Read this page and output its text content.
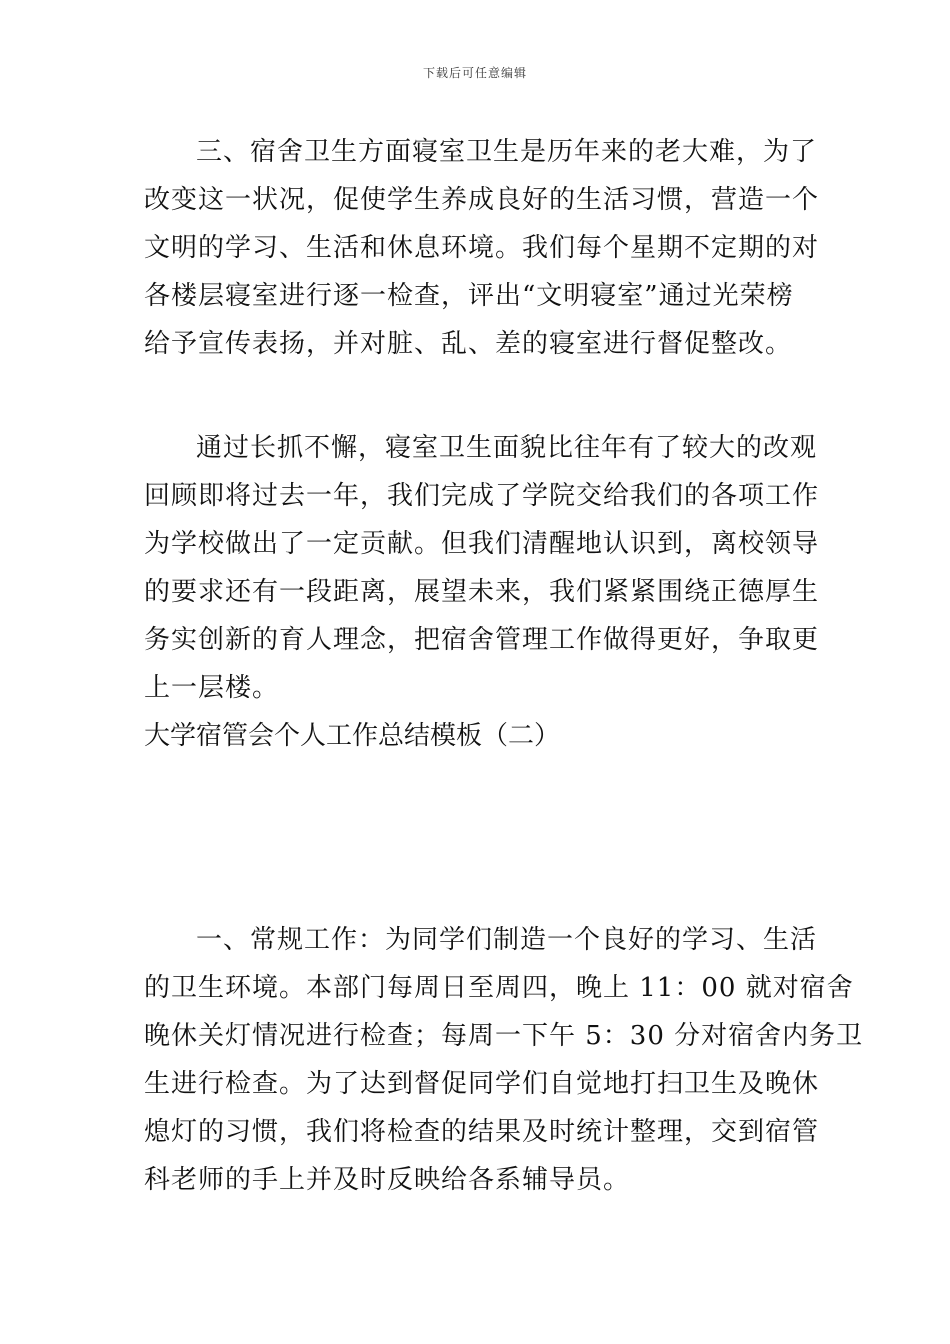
下载后可任意编辑
三、宿舍卫生方面寝室卫生是历年来的老大难，为了
改变这一状况，促使学生养成良好的生活习惯，营造一个
文明的学习、生活和休息环境。我们每个星期不定期的对
各楼层寝室进行逐一检查，评出“文明寝室”通过光荣榜
给予宣传表扬，并对脏、乱、差的寝室进行督促整改。
通过长抓不懈，寝室卫生面貌比往年有了较大的改观
回顾即将过去一年，我们完成了学院交给我们的各项工作
为学校做出了一定贡献。但我们清醒地认识到，离校领导
的要求还有一段距离，展望未来，我们紧紧围绕正德厚生
务实创新的育人理念，把宿舍管理工作做得更好，争取更
上一层楼。
大学宿管会个人工作总结模板（二）
一、常规工作：为同学们制造一个良好的学习、生活
的卫生环境。本部门每周日至周四，晚上 11：00 就对宿舍
晚休关灯情况进行检查；每周一下午 5：30 分对宿舍内务卫
生进行检查。为了达到督促同学们自觉地打扫卫生及晚休
熄灯的习惯，我们将检查的结果及时统计整理，交到宿管
科老师的手上并及时反映给各系辅导员。
